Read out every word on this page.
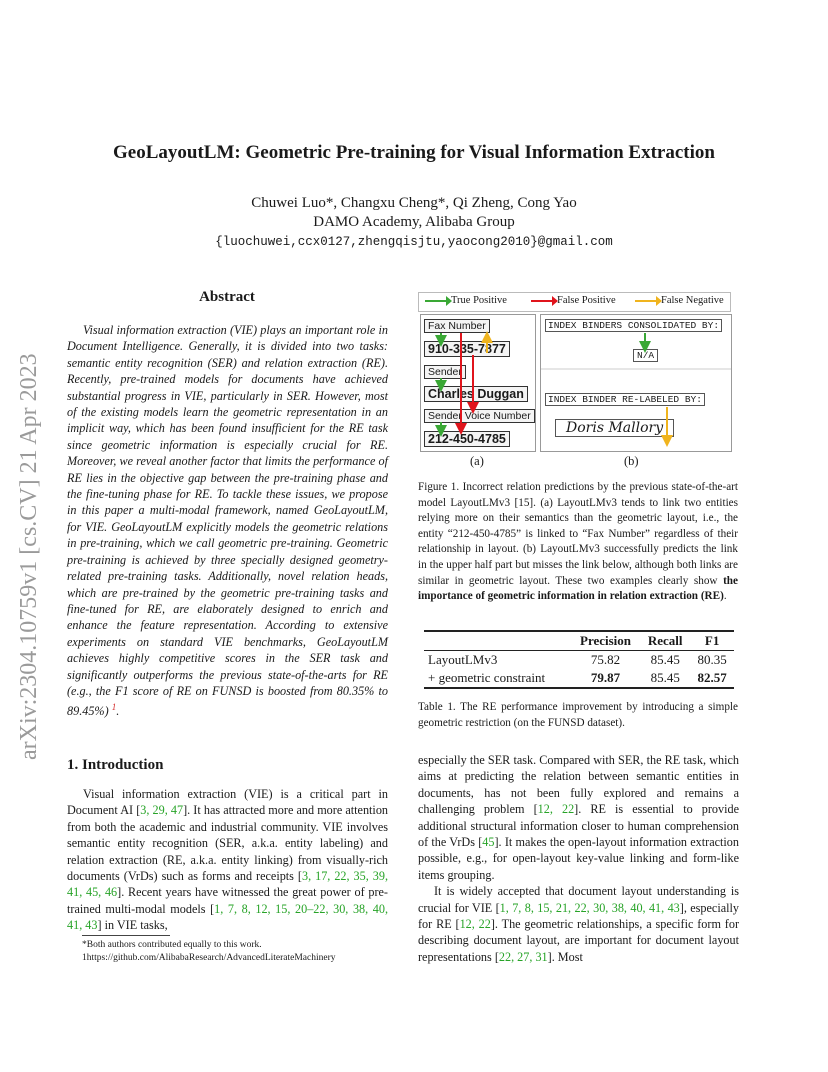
arXiv:2304.10759v1 [cs.CV] 21 Apr 2023
GeoLayoutLM: Geometric Pre-training for Visual Information Extraction
Chuwei Luo*, Changxu Cheng*, Qi Zheng, Cong Yao
DAMO Academy, Alibaba Group
{luochuwei,ccx0127,zhengqisjtu,yaocong2010}@gmail.com
Abstract
Visual information extraction (VIE) plays an important role in Document Intelligence. Generally, it is divided into two tasks: semantic entity recognition (SER) and relation extraction (RE). Recently, pre-trained models for documents have achieved substantial progress in VIE, particularly in SER. However, most of the existing models learn the geometric representation in an implicit way, which has been found insufficient for the RE task since geometric information is especially crucial for RE. Moreover, we reveal another factor that limits the performance of RE lies in the objective gap between the pre-training phase and the fine-tuning phase for RE. To tackle these issues, we propose in this paper a multi-modal framework, named GeoLayoutLM, for VIE. GeoLayoutLM explicitly models the geometric relations in pre-training, which we call geometric pre-training. Geometric pre-training is achieved by three specially designed geometry-related pre-training tasks. Additionally, novel relation heads, which are pre-trained by the geometric pre-training tasks and fine-tuned for RE, are elaborately designed to enrich and enhance the feature representation. According to extensive experiments on standard VIE benchmarks, GeoLayoutLM achieves highly competitive scores in the SER task and significantly outperforms the previous state-of-the-arts for RE (e.g., the F1 score of RE on FUNSD is boosted from 80.35% to 89.45%) $^1$.
1. Introduction
Visual information extraction (VIE) is a critical part in Document AI [3, 29, 47]. It has attracted more and more attention from both the academic and industrial community. VIE involves semantic entity recognition (SER, a.k.a. entity labeling) and relation extraction (RE, a.k.a. entity linking) from visually-rich documents (VrDs) such as forms and receipts [3, 17, 22, 35, 39, 41, 45, 46]. Recent years have witnessed the great power of pre-trained multi-modal models [1, 7, 8, 12, 15, 20–22, 30, 38, 40, 41, 43] in VIE tasks,
*Both authors contributed equally to this work.
1https://github.com/AlibabaResearch/AdvancedLiterateMachinery
True Positive	False Positive	False Negative
Fax Number
910-335-7877
Sender
Charles Duggan
Sender Voice Number
212-450-4785
(a)
INDEX BINDERS CONSOLIDATED BY:
N/A
INDEX BINDER RE-LABELED BY:
Doris Mallory
(b)
Figure 1. Incorrect relation predictions by the previous state-of-the-art model LayoutLMv3 [15]. (a) LayoutLMv3 tends to link two entities relying more on their semantics than the geometric layout, i.e., the entity “212-450-4785” is linked to “Fax Number” regardless of their relationship in layout. (b) LayoutLMv3 successfully predicts the link in the upper half part but misses the link below, although both links are similar in geometric layout. These two examples clearly show the importance of geometric information in relation extraction (RE).
	Precision	Recall	F1
LayoutLMv3	75.82	85.45	80.35
+ geometric constraint	79.87	85.45	82.57
Table 1. The RE performance improvement by introducing a simple geometric restriction (on the FUNSD dataset).

especially the SER task. Compared with SER, the RE task, which aims at predicting the relation between semantic entities in documents, has not been fully explored and remains a challenging problem [12, 22]. RE is essential to provide additional structural information closer to human comprehension of the VrDs [45]. It makes the open-layout information extraction possible, e.g., for open-layout key-value linking and form-like items grouping.

It is widely accepted that document layout understanding is crucial for VIE [1, 7, 8, 15, 21, 22, 30, 38, 40, 41, 43], especially for RE [12, 22]. The geometric relationships, a specific form for describing document layout, are important for document layout representations [22, 27, 31]. Most
